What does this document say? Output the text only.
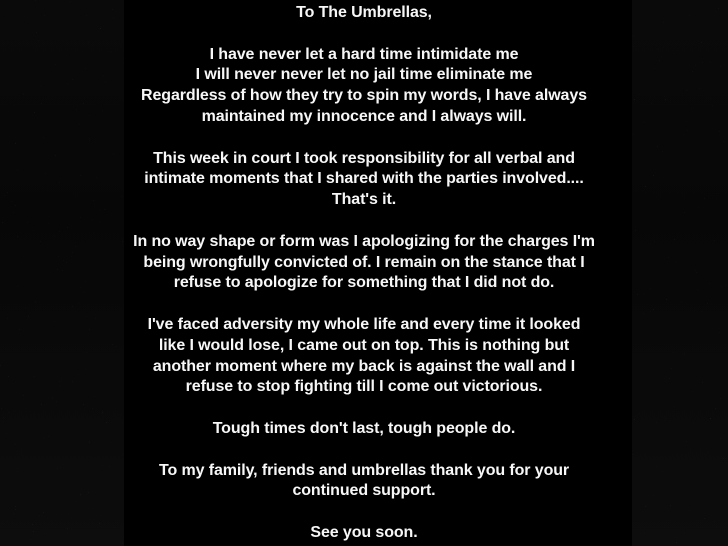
To The Umbrellas,
I have never let a hard time intimidate me
I will never never let no jail time eliminate me
Regardless of how they try to spin my words, I have always
maintained my innocence and I always will.
This week in court I took responsibility for all verbal and
intimate moments that I shared with the parties involved....
That's it.
In no way shape or form was I apologizing for the charges I'm
being wrongfully convicted of. I remain on the stance that I
refuse to apologize for something that I did not do.
I've faced adversity my whole life and every time it looked
like I would lose, I came out on top. This is nothing but
another moment where my back is against the wall and I
refuse to stop fighting till I come out victorious.
Tough times don't last, tough people do.
To my family, friends and umbrellas thank you for your
continued support.
See you soon.
